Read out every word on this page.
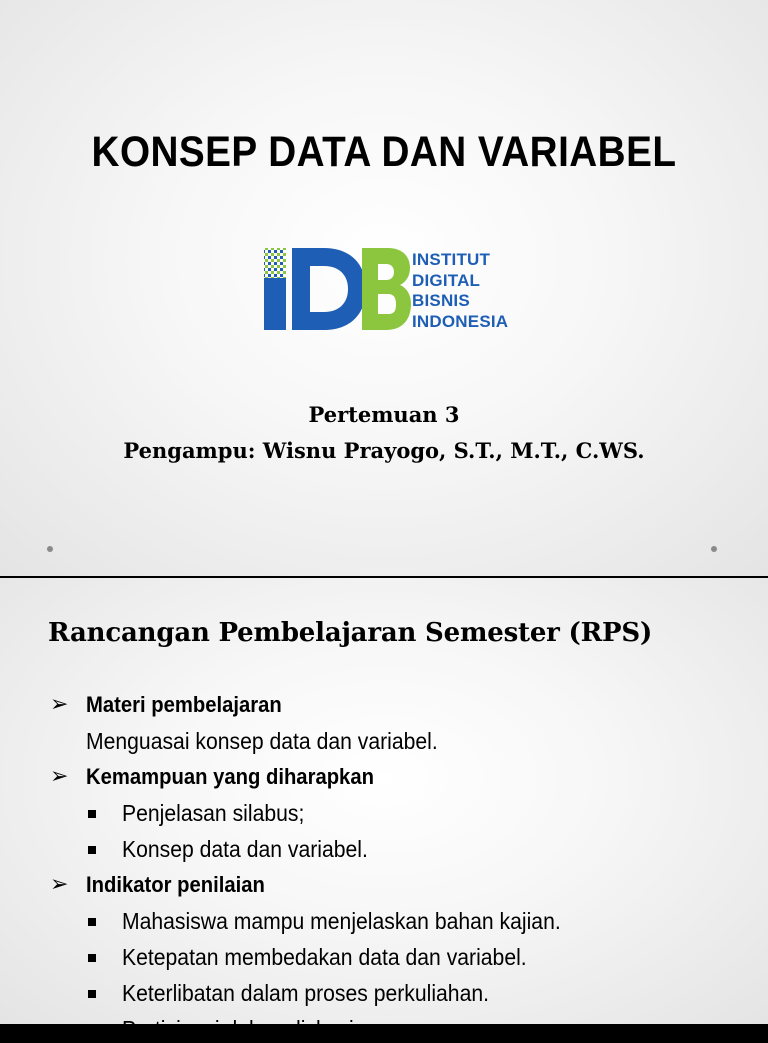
KONSEP DATA DAN VARIABEL
INSTITUT
DIGITAL
BISNIS
INDONESIA

Pertemuan 3

Pengampu: Wisnu Prayogo, S.T., M.T., C.WS.

Rancangan Pembelajaran Semester (RPS)
➢ Materi pembelajaran
Menguasai konsep data dan variabel.
➢ Kemampuan yang diharapkan
Penjelasan silabus;
Konsep data dan variabel.
➢ Indikator penilaian
Mahasiswa mampu menjelaskan bahan kajian.
Ketepatan membedakan data dan variabel.
Keterlibatan dalam proses perkuliahan.
Partisipasi dalam diskusi.
